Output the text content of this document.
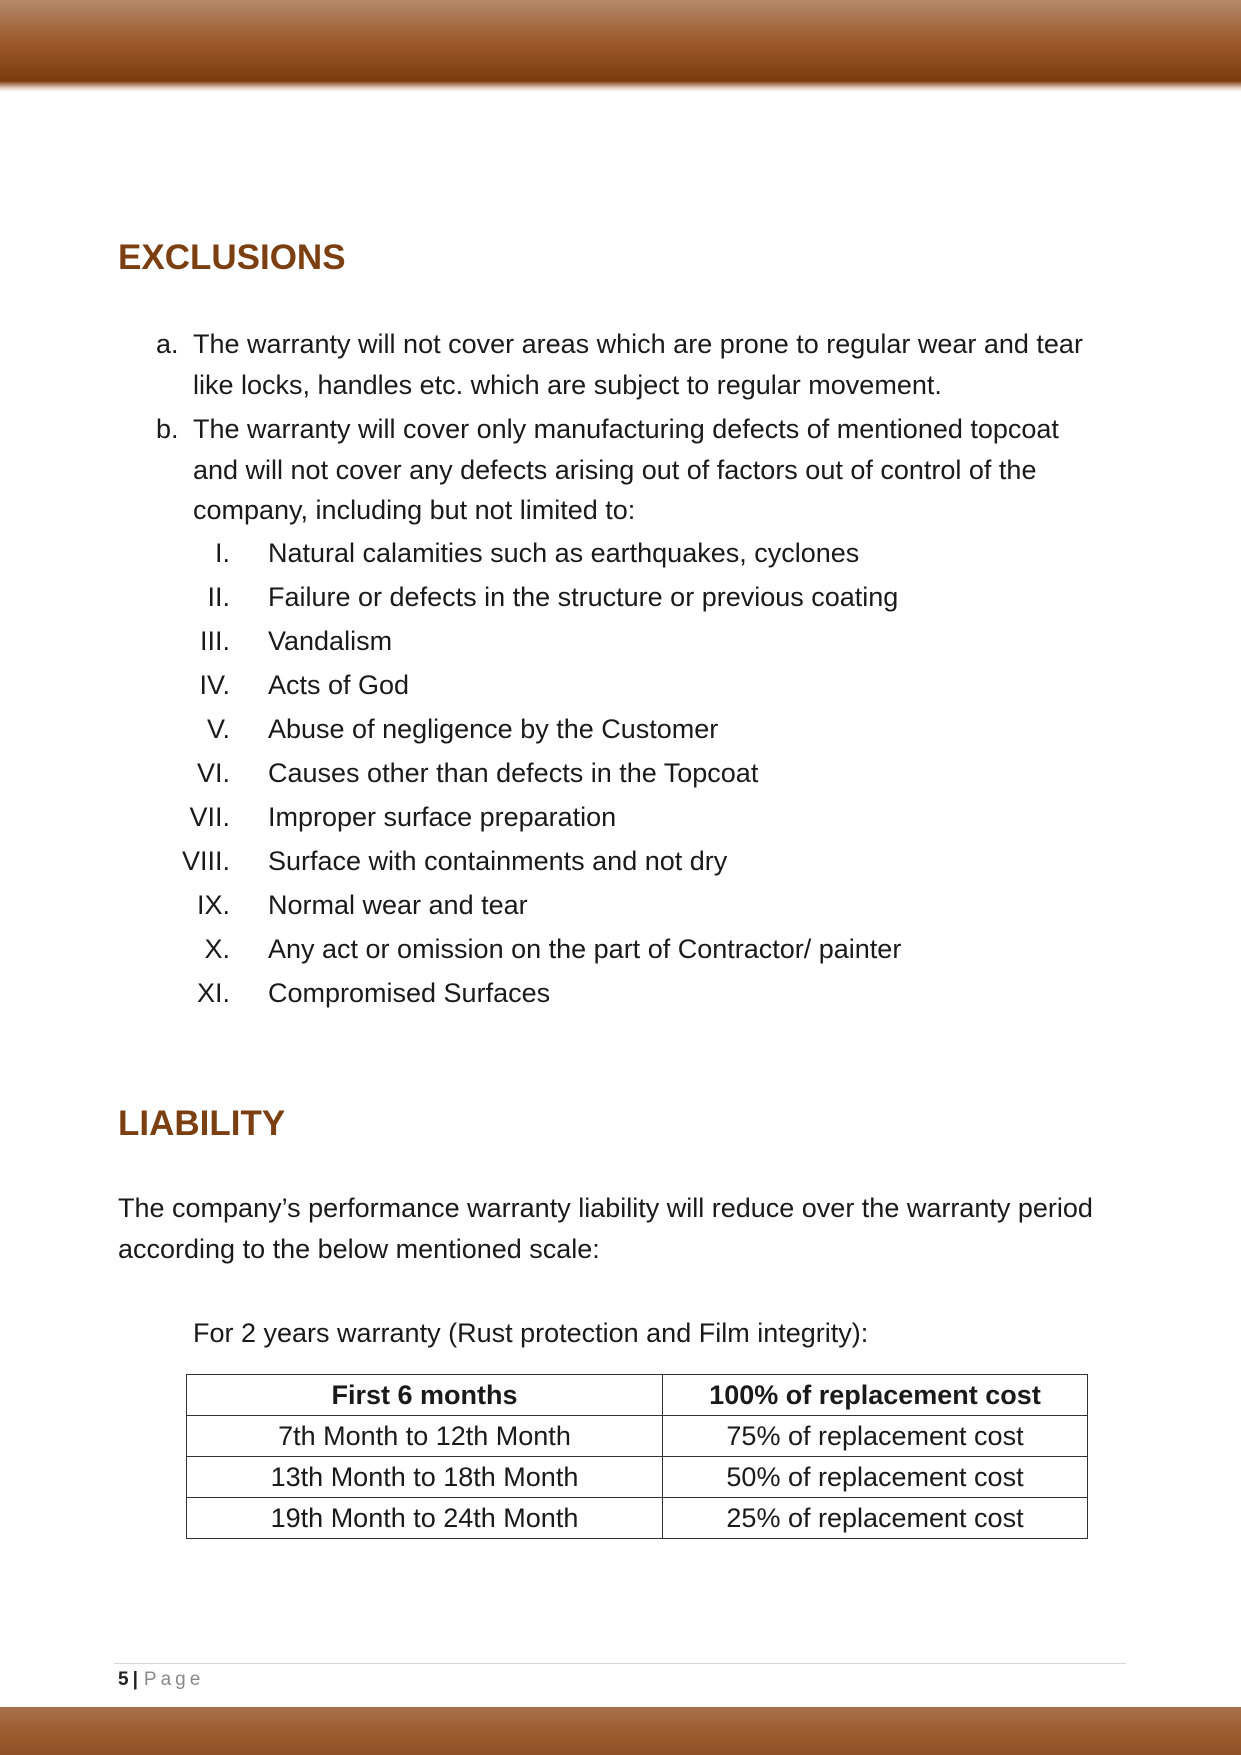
EXCLUSIONS
a. The warranty will not cover areas which are prone to regular wear and tear like locks, handles etc. which are subject to regular movement.
b. The warranty will cover only manufacturing defects of mentioned topcoat and will not cover any defects arising out of factors out of control of the company, including but not limited to:
I. Natural calamities such as earthquakes, cyclones
II. Failure or defects in the structure or previous coating
III. Vandalism
IV. Acts of God
V. Abuse of negligence by the Customer
VI. Causes other than defects in the Topcoat
VII. Improper surface preparation
VIII. Surface with containments and not dry
IX. Normal wear and tear
X. Any act or omission on the part of Contractor/ painter
XI. Compromised Surfaces
LIABILITY

The company’s performance warranty liability will reduce over the warranty period according to the below mentioned scale:

For 2 years warranty (Rust protection and Film integrity):

First 6 months	100% of replacement cost
7th Month to 12th Month	75% of replacement cost
13th Month to 18th Month	50% of replacement cost
19th Month to 24th Month	25% of replacement cost
5 | Page
